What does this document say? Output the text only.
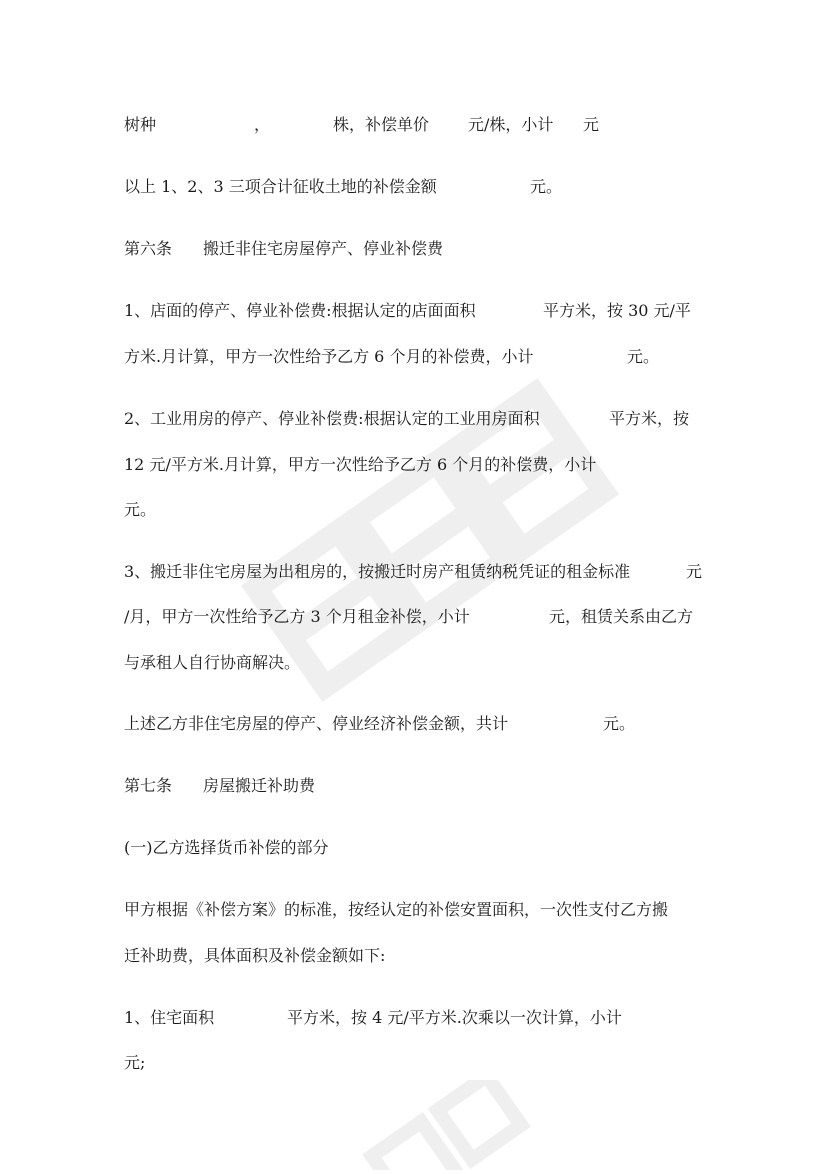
树种	，	株，补偿单价 元/株，小计 元
以上 1、2、3 三项合计征收土地的补偿金额	元。
第六条 搬迁非住宅房屋停产、停业补偿费
1、店面的停产、停业补偿费:根据认定的店面面积	平方米，按 30 元/平
方米.月计算，甲方一次性给予乙方 6 个月的补偿费，小计	元。
2、工业用房的停产、停业补偿费:根据认定的工业用房面积	平方米，按
12 元/平方米.月计算，甲方一次性给予乙方 6 个月的补偿费，小计
元。
3、搬迁非住宅房屋为出租房的，按搬迁时房产租赁纳税凭证的租金标准	元
/月，甲方一次性给予乙方 3 个月租金补偿，小计	元，租赁关系由乙方
与承租人自行协商解决。
上述乙方非住宅房屋的停产、停业经济补偿金额，共计	元。
第七条 房屋搬迁补助费
(一)乙方选择货币补偿的部分
甲方根据《补偿方案》的标准，按经认定的补偿安置面积，一次性支付乙方搬
迁补助费，具体面积及补偿金额如下:
1、住宅面积	平方米，按 4 元/平方米.次乘以一次计算，小计
元;
